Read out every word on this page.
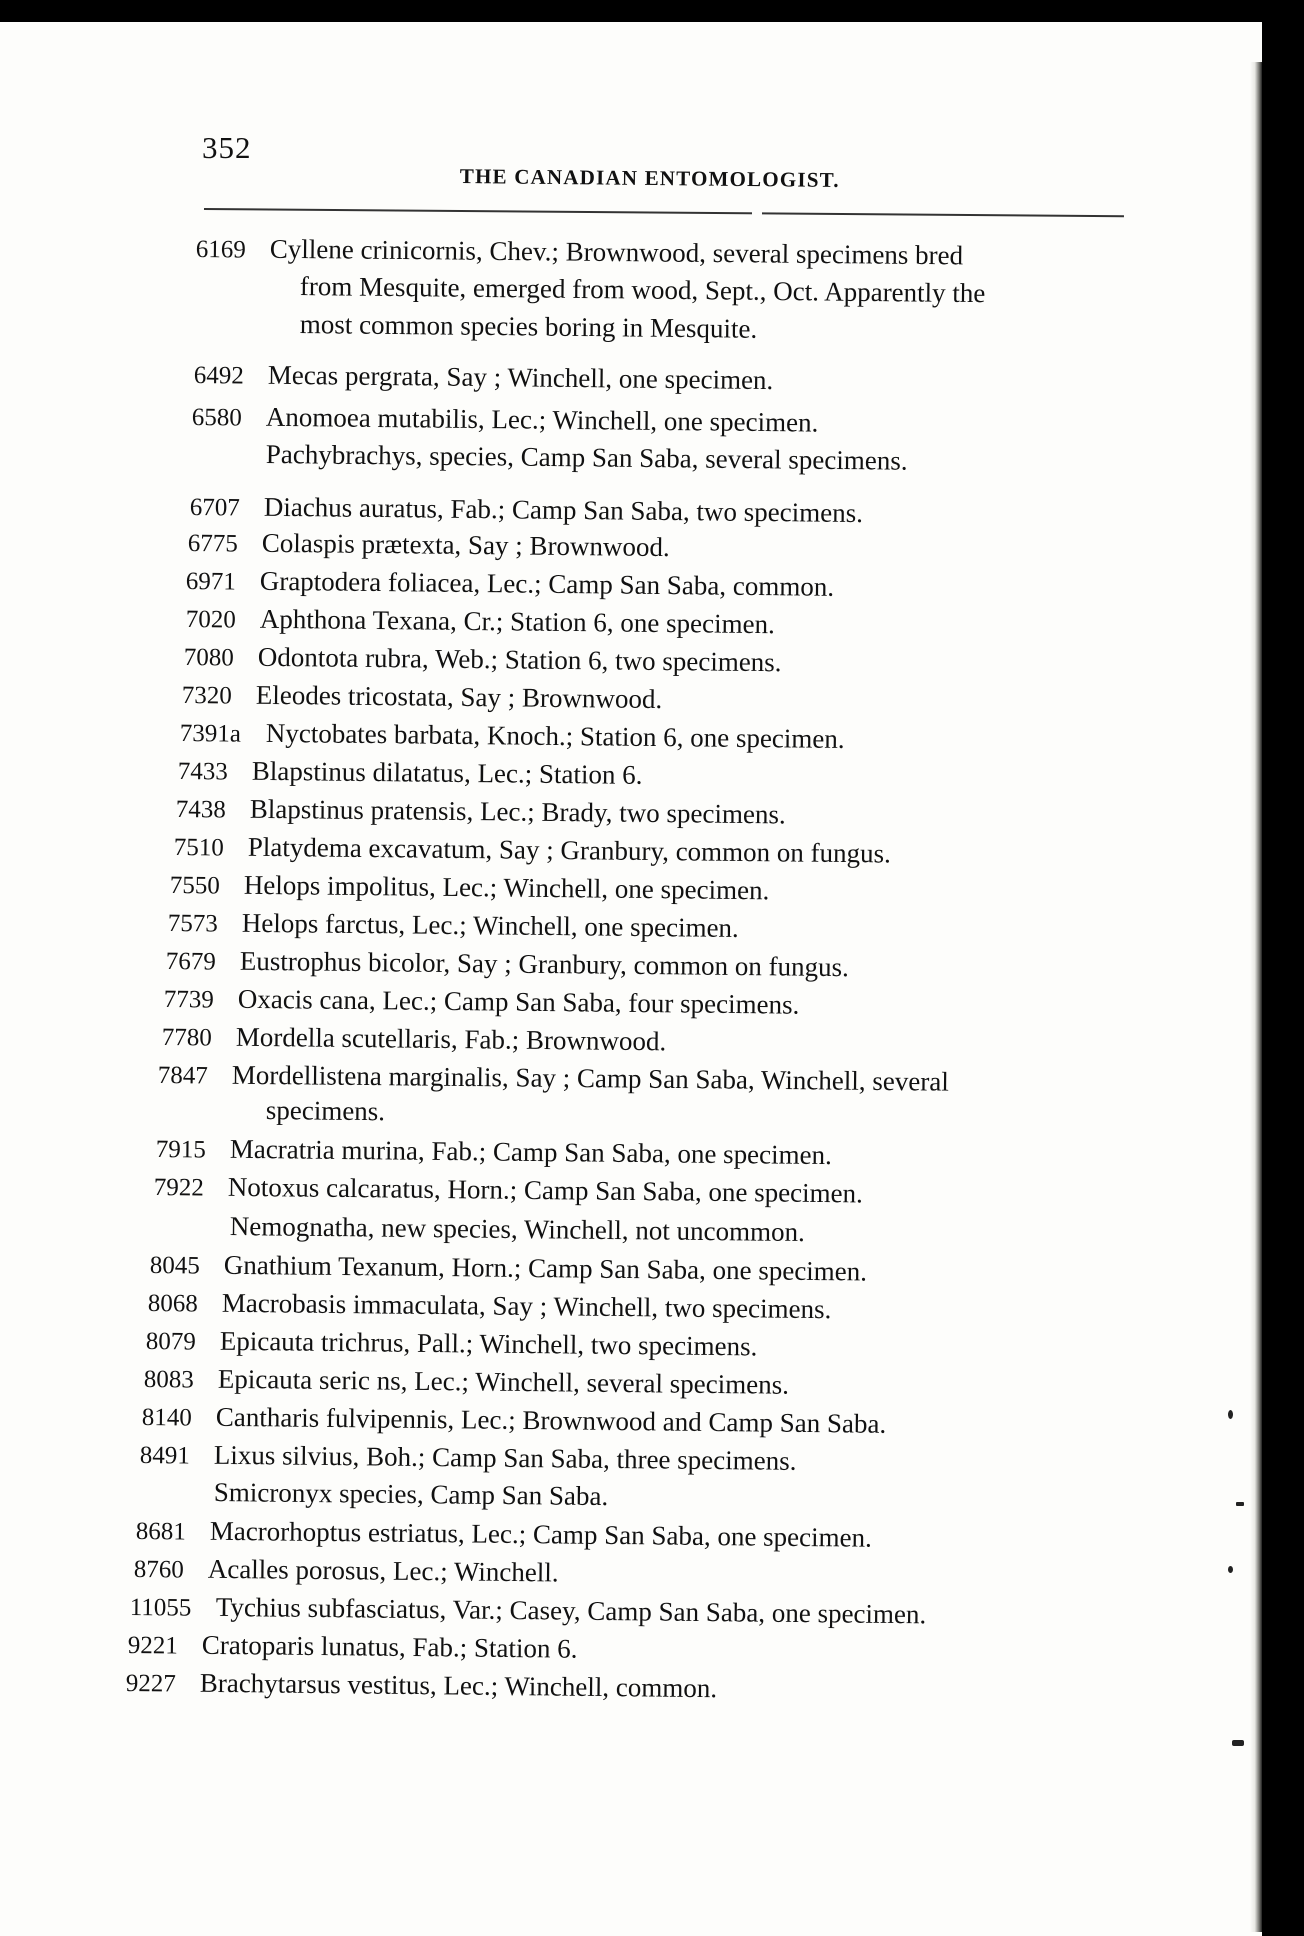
352
THE CANADIAN ENTOMOLOGIST.
6169 Cyllene crinicornis, Chev.; Brownwood, several specimens bred
from Mesquite, emerged from wood, Sept., Oct. Apparently the
most common species boring in Mesquite.
6492 Mecas pergrata, Say ; Winchell, one specimen.
6580 Anomoea mutabilis, Lec.; Winchell, one specimen.
Pachybrachys, species, Camp San Saba, several specimens.
6707 Diachus auratus, Fab.; Camp San Saba, two specimens.
6775 Colaspis prætexta, Say ; Brownwood.
6971 Graptodera foliacea, Lec.; Camp San Saba, common.
7020 Aphthona Texana, Cr.; Station 6, one specimen.
7080 Odontota rubra, Web.; Station 6, two specimens.
7320 Eleodes tricostata, Say ; Brownwood.
7391a Nyctobates barbata, Knoch.; Station 6, one specimen.
7433 Blapstinus dilatatus, Lec.; Station 6.
7438 Blapstinus pratensis, Lec.; Brady, two specimens.
7510 Platydema excavatum, Say ; Granbury, common on fungus.
7550 Helops impolitus, Lec.; Winchell, one specimen.
7573 Helops farctus, Lec.; Winchell, one specimen.
7679 Eustrophus bicolor, Say ; Granbury, common on fungus.
7739 Oxacis cana, Lec.; Camp San Saba, four specimens.
7780 Mordella scutellaris, Fab.; Brownwood.
7847 Mordellistena marginalis, Say ; Camp San Saba, Winchell, several
specimens.
7915 Macratria murina, Fab.; Camp San Saba, one specimen.
7922 Notoxus calcaratus, Horn.; Camp San Saba, one specimen.
Nemognatha, new species, Winchell, not uncommon.
8045 Gnathium Texanum, Horn.; Camp San Saba, one specimen.
8068 Macrobasis immaculata, Say ; Winchell, two specimens.
8079 Epicauta trichrus, Pall.; Winchell, two specimens.
8083 Epicauta seric ns, Lec.; Winchell, several specimens.
8140 Cantharis fulvipennis, Lec.; Brownwood and Camp San Saba.
8491 Lixus silvius, Boh.; Camp San Saba, three specimens.
Smicronyx species, Camp San Saba.
8681 Macrorhoptus estriatus, Lec.; Camp San Saba, one specimen.
8760 Acalles porosus, Lec.; Winchell.
11055 Tychius subfasciatus, Var.; Casey, Camp San Saba, one specimen.
9221 Cratoparis lunatus, Fab.; Station 6.
9227 Brachytarsus vestitus, Lec.; Winchell, common.
